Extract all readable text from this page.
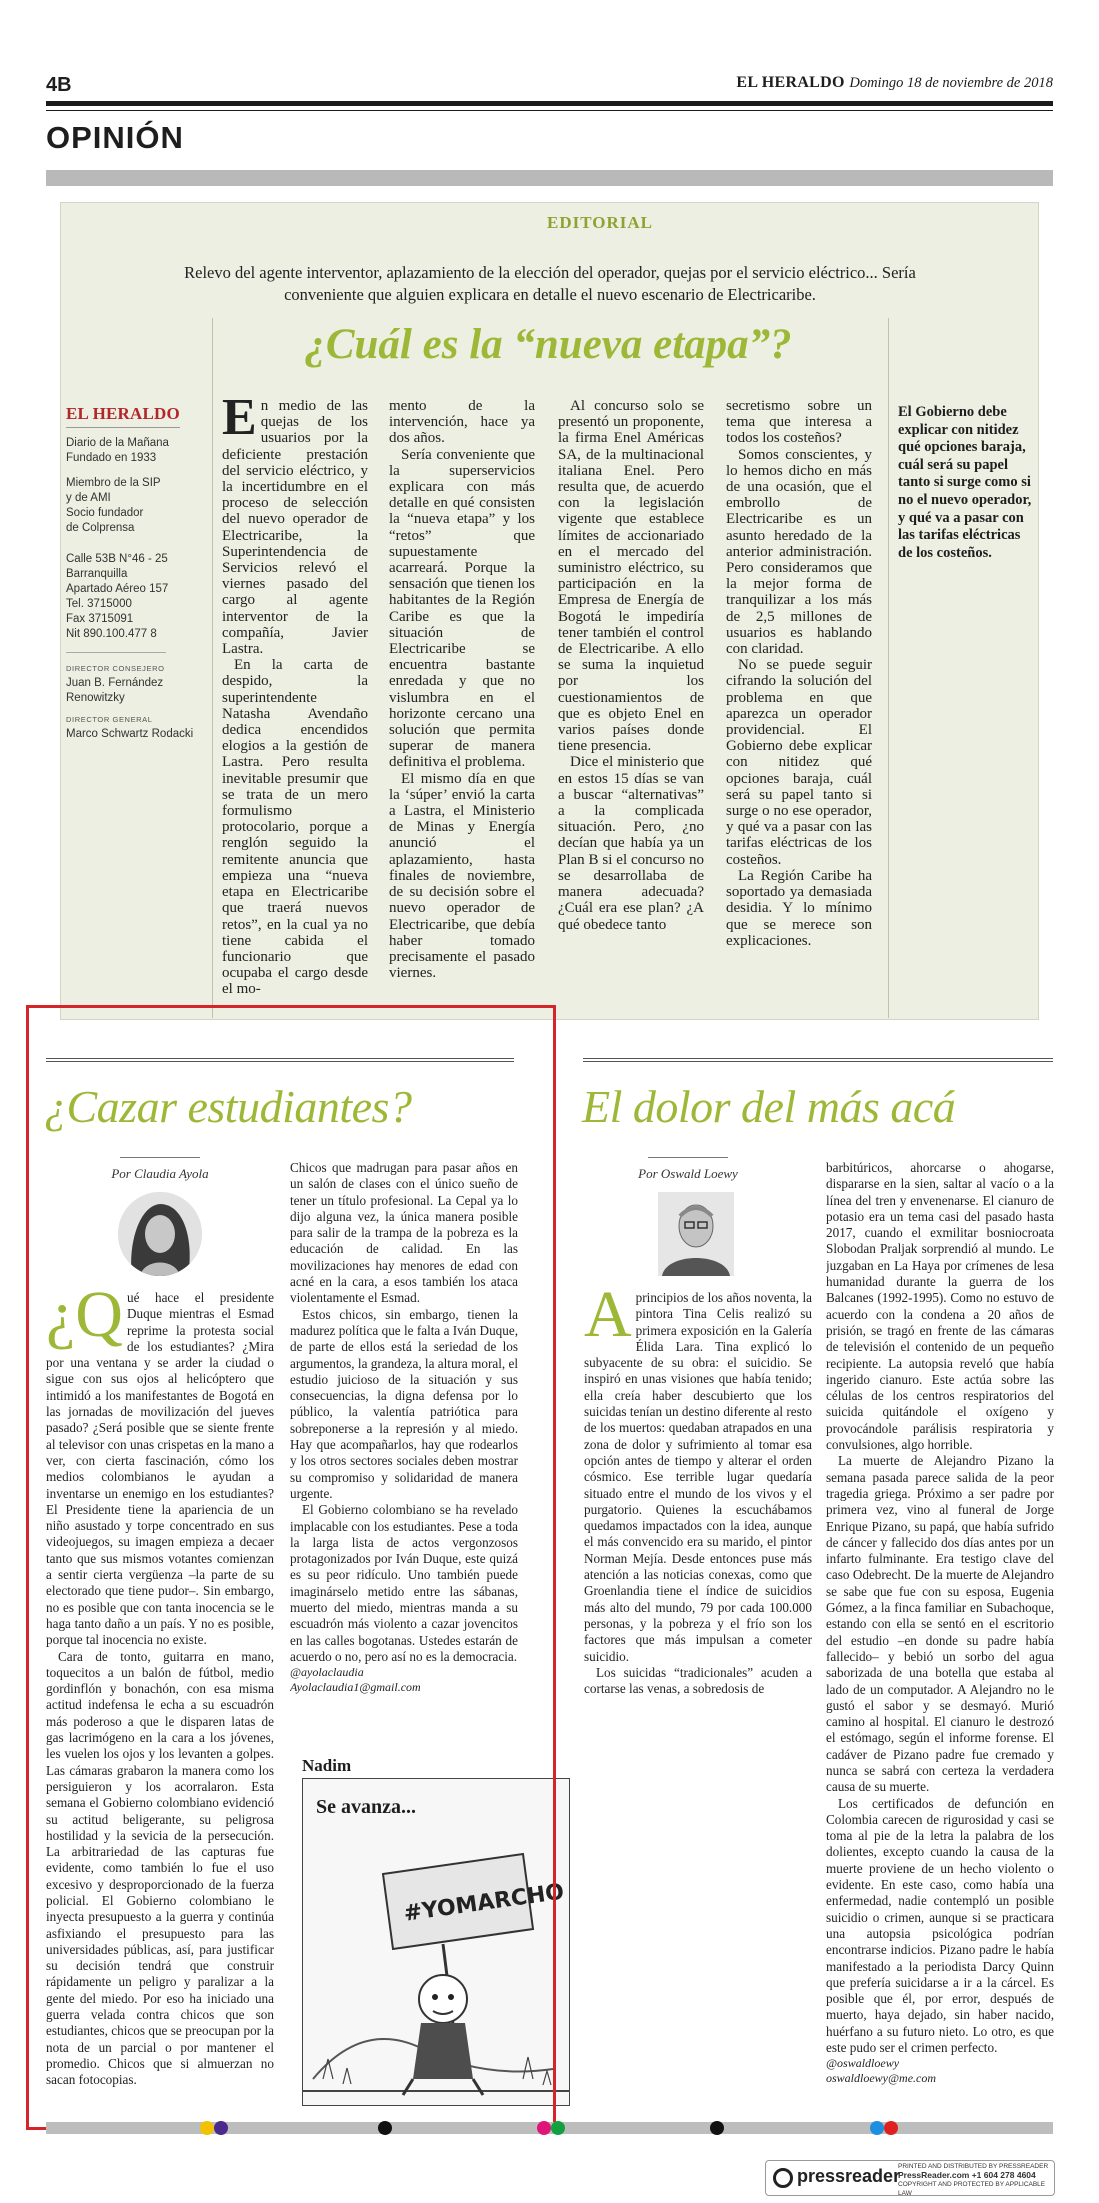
4B	EL HERALDO Domingo 18 de noviembre de 2018
OPINIÓN
EDITORIAL
Relevo del agente interventor, aplazamiento de la elección del operador, quejas por el servicio eléctrico... Sería conveniente que alguien explicara en detalle el nuevo escenario de Electricaribe.
¿Cuál es la “nueva etapa”?
EL HERALDO
Diario de la Mañana
Fundado en 1933
Miembro de la SIP
y de AMI
Socio fundador
de Colprensa
Calle 53B N°46 - 25
Barranquilla
Apartado Aéreo 157
Tel. 3715000
Fax 3715091
Nit 890.100.477 8
DIRECTOR CONSEJERO
Juan B. Fernández Renowitzky
DIRECTOR GENERAL
Marco Schwartz Rodacki

En medio de las quejas de los usuarios por la deficiente prestación del servicio eléctrico, y la incertidumbre en el proceso de selección del nuevo operador de Electricaribe, la Superintendencia de Servicios relevó el viernes pasado del cargo al agente interventor de la compañía, Javier Lastra.

En la carta de despido, la superintendente Natasha Avendaño dedica encendidos elogios a la gestión de Lastra. Pero resulta inevitable presumir que se trata de un mero formulismo protocolario, porque a renglón seguido la remitente anuncia que empieza una “nueva etapa en Electricaribe que traerá nuevos retos”, en la cual ya no tiene cabida el funcionario que ocupaba el cargo desde el mo-

mento de la intervención, hace ya dos años.

Sería conveniente que la superservicios explicara con más detalle en qué consisten la “nueva etapa” y los “retos” que supuestamente acarreará. Porque la sensación que tienen los habitantes de la Región Caribe es que la situación de Electricaribe se encuentra bastante enredada y que no vislumbra en el horizonte cercano una solución que permita superar de manera definitiva el problema.

El mismo día en que la ‘súper’ envió la carta a Lastra, el Ministerio de Minas y Energía anunció el aplazamiento, hasta finales de noviembre, de su decisión sobre el nuevo operador de Electricaribe, que debía haber tomado precisamente el pasado viernes.

Al concurso solo se presentó un proponente, la firma Enel Américas SA, de la multinacional italiana Enel. Pero resulta que, de acuerdo con la legislación vigente que establece límites de accionariado en el mercado del suministro eléctrico, su participación en la Empresa de Energía de Bogotá le impediría tener también el control de Electricaribe. A ello se suma la inquietud por los cuestionamientos de que es objeto Enel en varios países donde tiene presencia.

Dice el ministerio que en estos 15 días se van a buscar “alternativas” a la complicada situación. Pero, ¿no decían que había ya un Plan B si el concurso no se desarrollaba de manera adecuada? ¿Cuál era ese plan? ¿A qué obedece tanto

secretismo sobre un tema que interesa a todos los costeños?

Somos conscientes, y lo hemos dicho en más de una ocasión, que el embrollo de Electricaribe es un asunto heredado de la anterior administración. Pero consideramos que la mejor forma de tranquilizar a los más de 2,5 millones de usuarios es hablando con claridad.

No se puede seguir cifrando la solución del problema en que aparezca un operador providencial. El Gobierno debe explicar con nitidez qué opciones baraja, cuál será su papel tanto si surge o no ese operador, y qué va a pasar con las tarifas eléctricas de los costeños.

La Región Caribe ha soportado ya demasiada desidia. Y lo mínimo que se merece son explicaciones.

El Gobierno debe explicar con nitidez qué opciones baraja, cuál será su papel tanto si surge como si no el nuevo operador, y qué va a pasar con las tarifas eléctricas de los costeños.
¿Cazar estudiantes?
Por Claudia Ayola

¿Q ué hace el presidente Duque mientras el Esmad reprime la protesta social de los estudiantes? ¿Mira por una ventana y se arder la ciudad o sigue con sus ojos al helicóptero que intimidó a los manifestantes de Bogotá en las jornadas de movilización del jueves pasado? ¿Será posible que se siente frente al televisor con unas crispetas en la mano a ver, con cierta fascinación, cómo los medios colombianos le ayudan a inventarse un enemigo en los estudiantes? El Presidente tiene la apariencia de un niño asustado y torpe concentrado en sus videojuegos, su imagen empieza a decaer tanto que sus mismos votantes comienzan a sentir cierta vergüenza –la parte de su electorado que tiene pudor–. Sin embargo, no es posible que con tanta inocencia se le haga tanto daño a un país. Y no es posible, porque tal inocencia no existe.

Cara de tonto, guitarra en mano, toquecitos a un balón de fútbol, medio gordinflón y bonachón, con esa misma actitud indefensa le echa a su escuadrón más poderoso a que le disparen latas de gas lacrimógeno en la cara a los jóvenes, les vuelen los ojos y los levanten a golpes. Las cámaras grabaron la manera como los persiguieron y los acorralaron. Esta semana el Gobierno colombiano evidenció su actitud beligerante, su peligrosa hostilidad y la sevicia de la persecución. La arbitrariedad de las capturas fue evidente, como también lo fue el uso excesivo y desproporcionado de la fuerza policial. El Gobierno colombiano le inyecta presupuesto a la guerra y continúa asfixiando el presupuesto para las universidades públicas, así, para justificar su decisión tendrá que construir rápidamente un peligro y paralizar a la gente del miedo. Por eso ha iniciado una guerra velada contra chicos que son estudiantes, chicos que se preocupan por la nota de un parcial o por mantener el promedio. Chicos que si almuerzan no sacan fotocopias.

Chicos que madrugan para pasar años en un salón de clases con el único sueño de tener un título profesional. La Cepal ya lo dijo alguna vez, la única manera posible para salir de la trampa de la pobreza es la educación de calidad. En las movilizaciones hay menores de edad con acné en la cara, a esos también los ataca violentamente el Esmad.

Estos chicos, sin embargo, tienen la madurez política que le falta a Iván Duque, de parte de ellos está la seriedad de los argumentos, la grandeza, la altura moral, el estudio juicioso de la situación y sus consecuencias, la digna defensa por lo público, la valentía patriótica para sobreponerse a la represión y al miedo. Hay que acompañarlos, hay que rodearlos y los otros sectores sociales deben mostrar su compromiso y solidaridad de manera urgente.

El Gobierno colombiano se ha revelado implacable con los estudiantes. Pese a toda la larga lista de actos vergonzosos protagonizados por Iván Duque, este quizá es su peor ridículo. Uno también puede imaginárselo metido entre las sábanas, muerto del miedo, mientras manda a su escuadrón más violento a cazar jovencitos en las calles bogotanas. Ustedes estarán de acuerdo o no, pero así no es la democracia.

@ayolaclaudia

Ayolaclaudia1@gmail.com

Nadim
#YOMARCHO
Se avanza...
El dolor del más acá
Por Oswald Loewy

Aprincipios de los años noventa, la pintora Tina Celis realizó su primera exposición en la Galería Élida Lara. Tina explicó lo subyacente de su obra: el suicidio. Se inspiró en unas visiones que había tenido; ella creía haber descubierto que los suicidas tenían un destino diferente al resto de los muertos: quedaban atrapados en una zona de dolor y sufrimiento al tomar esa opción antes de tiempo y alterar el orden cósmico. Ese terrible lugar quedaría situado entre el mundo de los vivos y el purgatorio. Quienes la escuchábamos quedamos impactados con la idea, aunque el más convencido era su marido, el pintor Norman Mejía. Desde entonces puse más atención a las noticias conexas, como que Groenlandia tiene el índice de suicidios más alto del mundo, 79 por cada 100.000 personas, y la pobreza y el frío son los factores que más impulsan a cometer suicidio.

Los suicidas “tradicionales” acuden a cortarse las venas, a sobredosis de

barbitúricos, ahorcarse o ahogarse, dispararse en la sien, saltar al vacío o a la línea del tren y envenenarse. El cianuro de potasio era un tema casi del pasado hasta 2017, cuando el exmilitar bosniocroata Slobodan Praljak sorprendió al mundo. Le juzgaban en La Haya por crímenes de lesa humanidad durante la guerra de los Balcanes (1992-1995). Como no estuvo de acuerdo con la condena a 20 años de prisión, se tragó en frente de las cámaras de televisión el contenido de un pequeño recipiente. La autopsia reveló que había ingerido cianuro. Este actúa sobre las células de los centros respiratorios del suicida quitándole el oxígeno y provocándole parálisis respiratoria y convulsiones, algo horrible.

La muerte de Alejandro Pizano la semana pasada parece salida de la peor tragedia griega. Próximo a ser padre por primera vez, vino al funeral de Jorge Enrique Pizano, su papá, que había sufrido de cáncer y fallecido dos días antes por un infarto fulminante. Era testigo clave del caso Odebrecht. De la muerte de Alejandro se sabe que fue con su esposa, Eugenia Gómez, a la finca familiar en Subachoque, estando con ella se sentó en el escritorio del estudio –en donde su padre había fallecido– y bebió un sorbo del agua saborizada de una botella que estaba al lado de un computador. A Alejandro no le gustó el sabor y se desmayó. Murió camino al hospital. El cianuro le destrozó el estómago, según el informe forense. El cadáver de Pizano padre fue cremado y nunca se sabrá con certeza la verdadera causa de su muerte.

Los certificados de defunción en Colombia carecen de rigurosidad y casi se toma al pie de la letra la palabra de los dolientes, excepto cuando la causa de la muerte proviene de un hecho violento o evidente. En este caso, como había una enfermedad, nadie contempló un posible suicidio o crimen, aunque si se practicara una autopsia psicológica podrían encontrarse indicios. Pizano padre le había manifestado a la periodista Darcy Quinn que prefería suicidarse a ir a la cárcel. Es posible que él, por error, después de muerto, haya dejado, sin haber nacido, huérfano a su futuro nieto. Lo otro, es que este pudo ser el crimen perfecto.

@oswaldloewy

oswaldloewy@me.com

pressreader
PRINTED AND DISTRIBUTED BY PRESSREADER
PressReader.com +1 604 278 4604
COPYRIGHT AND PROTECTED BY APPLICABLE LAW
